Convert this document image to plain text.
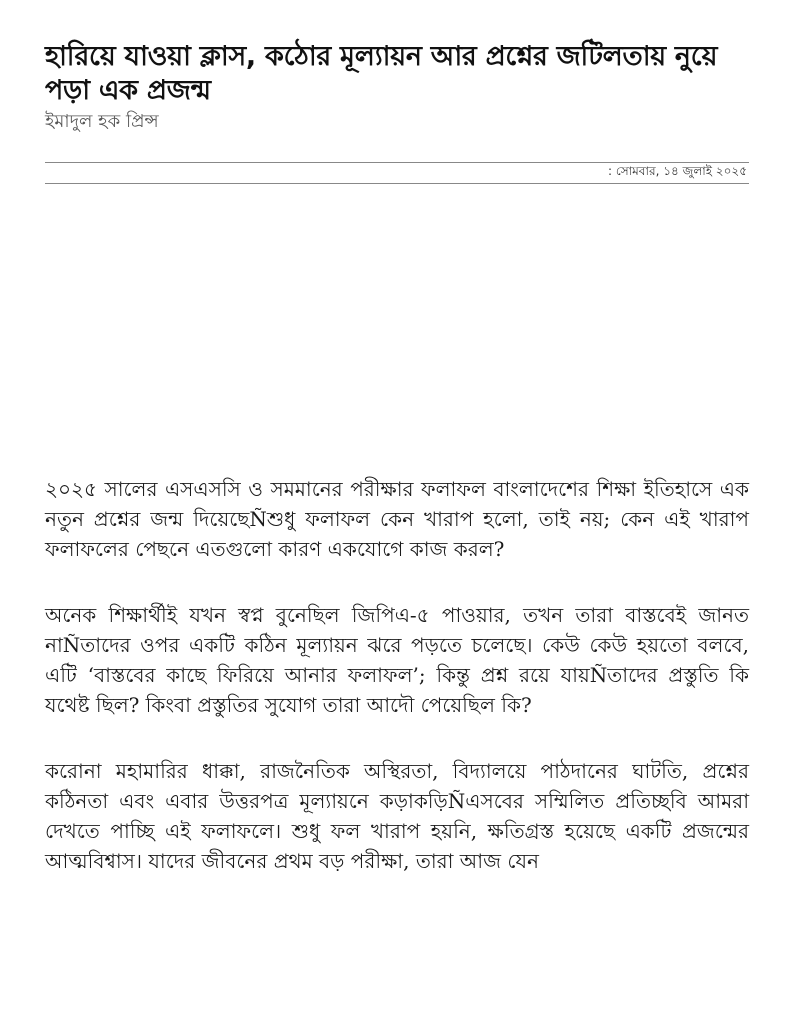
হারিয়ে যাওয়া ক্লাস, কঠোর মূল্যায়ন আর প্রশ্নের জটিলতায় নুয়ে পড়া এক প্রজন্ম
ইমাদুল হক প্রিন্স
: সোমবার, ১৪ জুলাই ২০২৫

২০২৫ সালের এসএসসি ও সমমানের পরীক্ষার ফলাফল বাংলাদেশের শিক্ষা ইতিহাসে এক নতুন প্রশ্নের জন্ম দিয়েছেÑশুধু ফলাফল কেন খারাপ হলো, তাই নয়; কেন এই খারাপ ফলাফলের পেছনে এতগুলো কারণ একযোগে কাজ করল?

অনেক শিক্ষার্থীই যখন স্বপ্ন বুনেছিল জিপিএ-৫ পাওয়ার, তখন তারা বাস্তবেই জানত নাÑতাদের ওপর একটি কঠিন মূল্যায়ন ঝরে পড়তে চলেছে। কেউ কেউ হয়তো বলবে, এটি ‘বাস্তবের কাছে ফিরিয়ে আনার ফলাফল’; কিন্তু প্রশ্ন রয়ে যায়Ñতাদের প্রস্তুতি কি যথেষ্ট ছিল? কিংবা প্রস্তুতির সুযোগ তারা আদৌ পেয়েছিল কি?

করোনা মহামারির ধাক্কা, রাজনৈতিক অস্থিরতা, বিদ্যালয়ে পাঠদানের ঘাটতি, প্রশ্নের কঠিনতা এবং এবার উত্তরপত্র মূল্যায়নে কড়াকড়িÑএসবের সম্মিলিত প্রতিচ্ছবি আমরা দেখতে পাচ্ছি এই ফলাফলে। শুধু ফল খারাপ হয়নি, ক্ষতিগ্রস্ত হয়েছে একটি প্রজন্মের আত্মবিশ্বাস। যাদের জীবনের প্রথম বড় পরীক্ষা, তারা আজ যেন
